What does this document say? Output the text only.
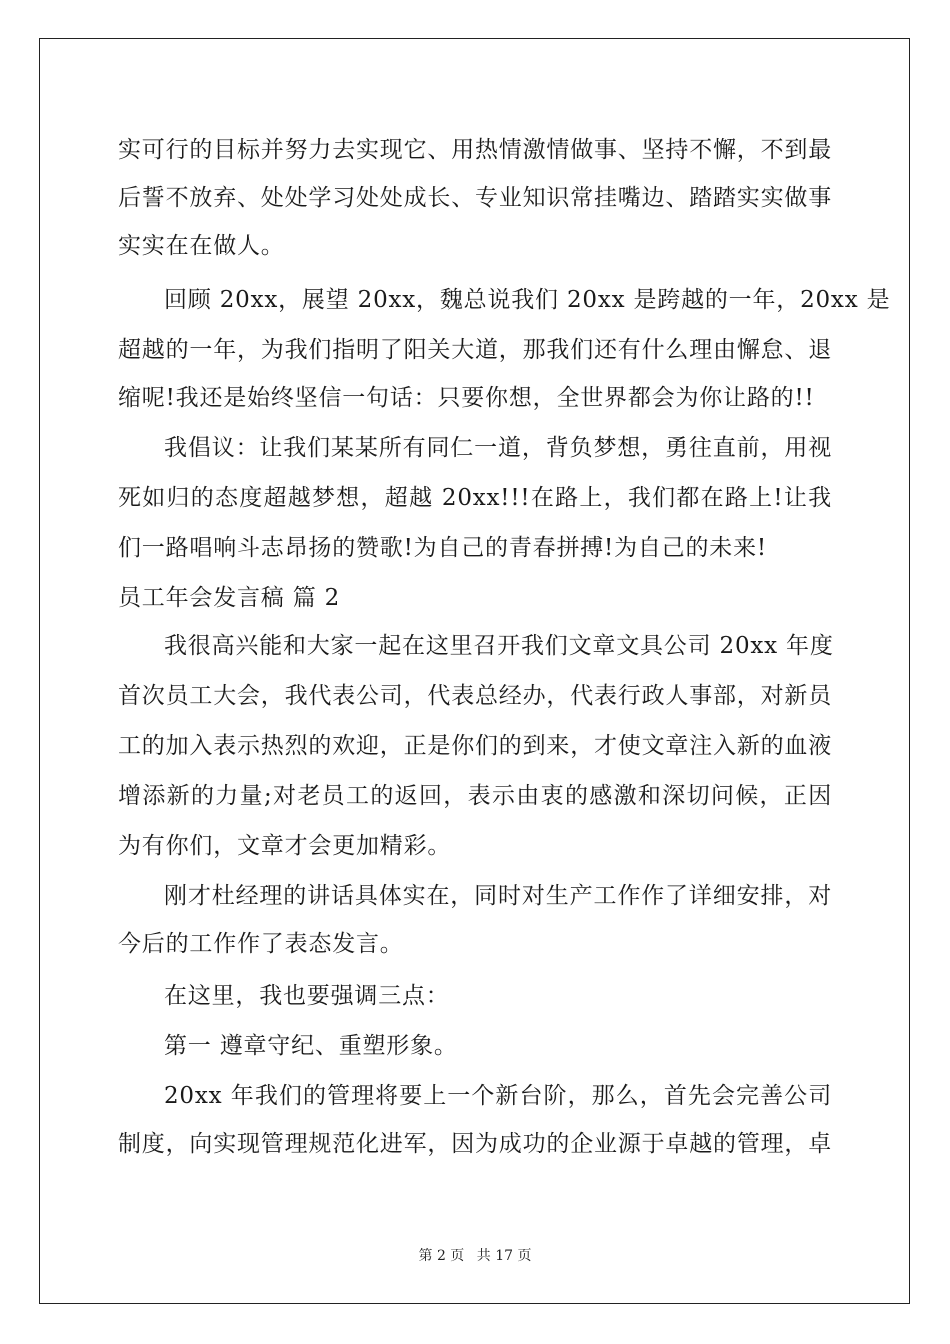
实可行的目标并努力去实现它、用热情激情做事、坚持不懈，不到最
后誓不放弃、处处学习处处成长、专业知识常挂嘴边、踏踏实实做事
实实在在做人。
回顾 20xx，展望 20xx，魏总说我们 20xx 是跨越的一年，20xx 是
超越的一年，为我们指明了阳关大道，那我们还有什么理由懈怠、退
缩呢!我还是始终坚信一句话：只要你想，全世界都会为你让路的!!
我倡议：让我们某某所有同仁一道，背负梦想，勇往直前，用视
死如归的态度超越梦想，超越 20xx!!!在路上，我们都在路上!让我
们一路唱响斗志昂扬的赞歌!为自己的青春拼搏!为自己的未来!
员工年会发言稿 篇 2
我很高兴能和大家一起在这里召开我们文章文具公司 20xx 年度
首次员工大会，我代表公司，代表总经办，代表行政人事部，对新员
工的加入表示热烈的欢迎，正是你们的到来，才使文章注入新的血液
增添新的力量;对老员工的返回，表示由衷的感激和深切问候，正因
为有你们，文章才会更加精彩。
刚才杜经理的讲话具体实在，同时对生产工作作了详细安排，对
今后的工作作了表态发言。
在这里，我也要强调三点：
第一 遵章守纪、重塑形象。
20xx 年我们的管理将要上一个新台阶，那么，首先会完善公司
制度，向实现管理规范化进军，因为成功的企业源于卓越的管理，卓
第 2 页 共 17 页
